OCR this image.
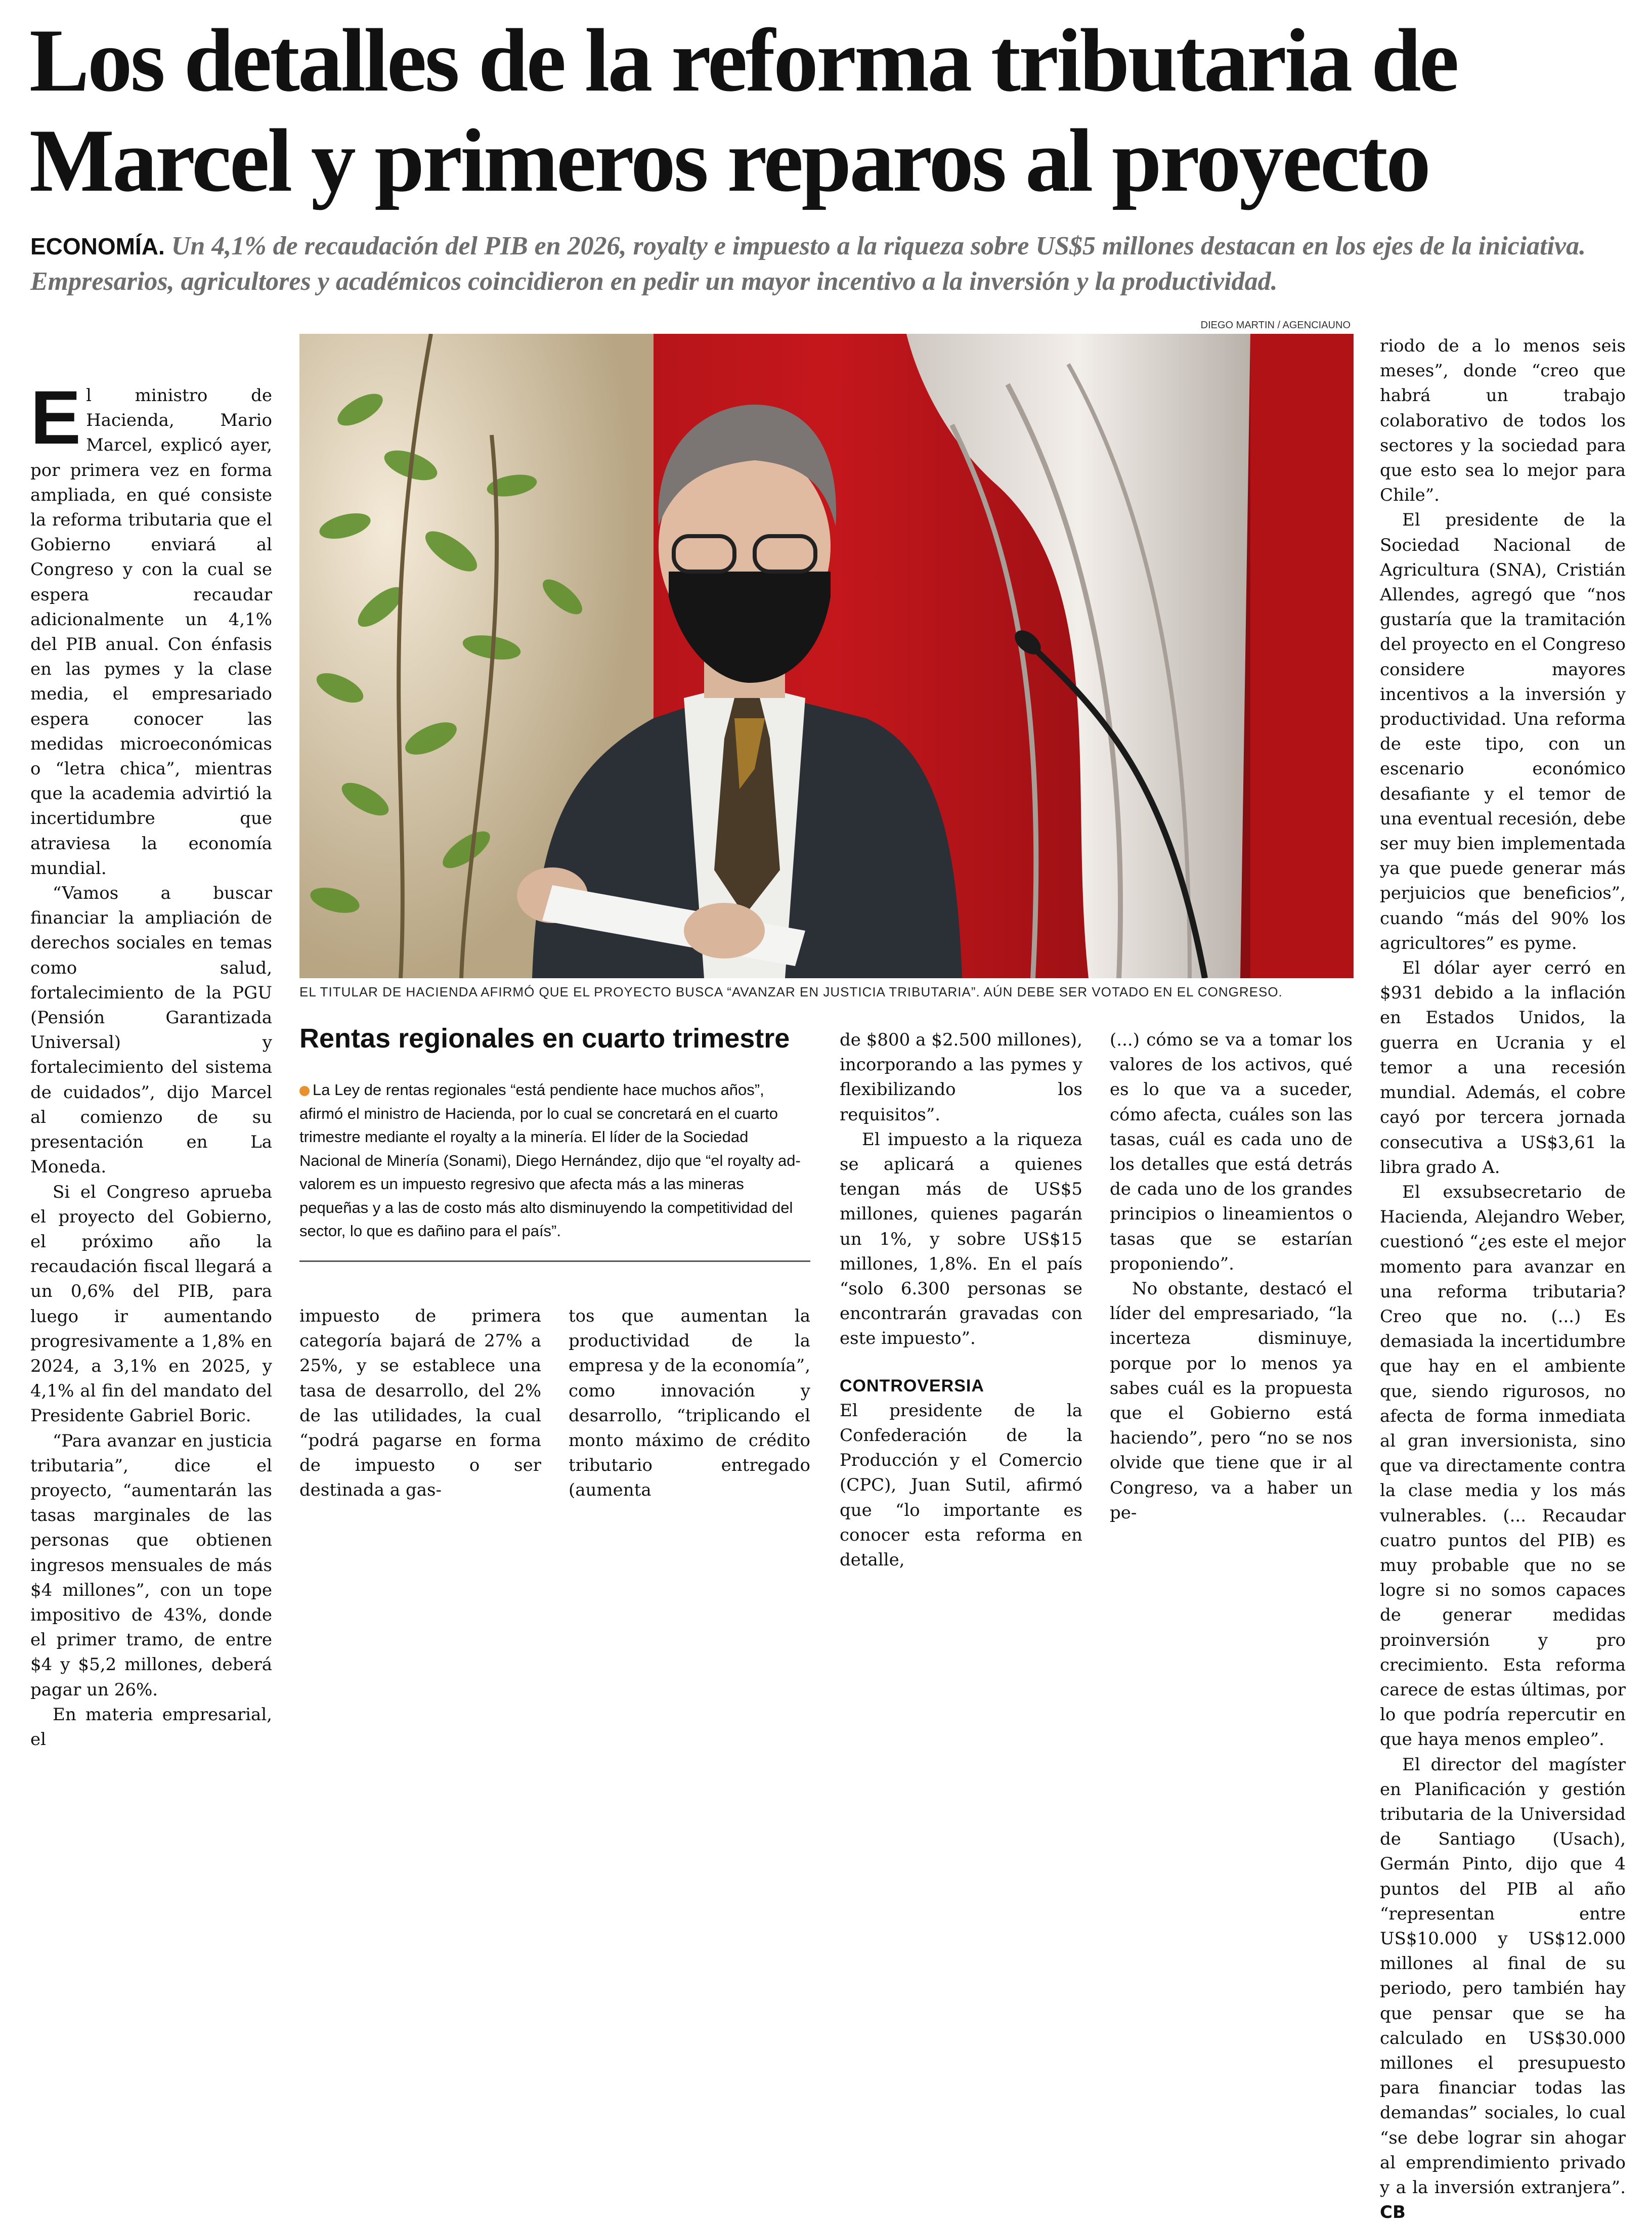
Los detalles de la reforma tributaria de Marcel y primeros reparos al proyecto
ECONOMÍA. Un 4,1% de recaudación del PIB en 2026, royalty e impuesto a la riqueza sobre US$5 millones destacan en los ejes de la iniciativa. Empresarios, agricultores y académicos coincidieron en pedir un mayor incentivo a la inversión y la productividad.
DIEGO MARTIN / AGENCIAUNO
EL TITULAR DE HACIENDA AFIRMÓ QUE EL PROYECTO BUSCA “AVANZAR EN JUSTICIA TRIBUTARIA”. AÚN DEBE SER VOTADO EN EL CONGRESO.

El ministro de Hacienda, Mario Marcel, explicó ayer, por primera vez en forma ampliada, en qué consiste la reforma tributaria que el Gobierno enviará al Congreso y con la cual se espera recaudar adicionalmente un 4,1% del PIB anual. Con énfasis en las pymes y la clase media, el empresariado espera conocer las medidas microeconómicas o “letra chica”, mientras que la academia advirtió la incertidumbre que atraviesa la economía mundial.

“Vamos a buscar financiar la ampliación de derechos sociales en temas como salud, fortalecimiento de la PGU (Pensión Garantizada Universal) y fortalecimiento del sistema de cuidados”, dijo Marcel al comienzo de su presentación en La Moneda.

Si el Congreso aprueba el proyecto del Gobierno, el próximo año la recaudación fiscal llegará a un 0,6% del PIB, para luego ir aumentando progresivamente a 1,8% en 2024, a 3,1% en 2025, y 4,1% al fin del mandato del Presidente Gabriel Boric.

“Para avanzar en justicia tributaria”, dice el proyecto, “aumentarán las tasas marginales de las personas que obtienen ingresos mensuales de más $4 millones”, con un tope impositivo de 43%, donde el primer tramo, de entre $4 y $5,2 millones, deberá pagar un 26%.

En materia empresarial, el

Rentas regionales en cuarto trimestre

La Ley de rentas regionales “está pendiente hace muchos años”, afirmó el ministro de Hacienda, por lo cual se concretará en el cuarto trimestre mediante el royalty a la minería. El líder de la Sociedad Nacional de Minería (Sonami), Diego Hernández, dijo que “el royalty ad-valorem es un impuesto regresivo que afecta más a las mineras pequeñas y a las de costo más alto disminuyendo la competitividad del sector, lo que es dañino para el país”.

impuesto de primera categoría bajará de 27% a 25%, y se establece una tasa de desarrollo, del 2% de las utilidades, la cual “podrá pagarse en forma de impuesto o ser destinada a gas-

tos que aumentan la productividad de la empresa y de la economía”, como innovación y desarrollo, “triplicando el monto máximo de crédito tributario entregado (aumenta

de $800 a $2.500 millones), incorporando a las pymes y flexibilizando los requisitos”.

El impuesto a la riqueza se aplicará a quienes tengan más de US$5 millones, quienes pagarán un 1%, y sobre US$15 millones, 1,8%. En el país “solo 6.300 personas se encontrarán gravadas con este impuesto”.

CONTROVERSIA

El presidente de la Confederación de la Producción y el Comercio (CPC), Juan Sutil, afirmó que “lo importante es conocer esta reforma en detalle,

(...) cómo se va a tomar los valores de los activos, qué es lo que va a suceder, cómo afecta, cuáles son las tasas, cuál es cada uno de los detalles que está detrás de cada uno de los grandes principios o lineamientos o tasas que se estarían proponiendo”.

No obstante, destacó el líder del empresariado, “la incerteza disminuye, porque por lo menos ya sabes cuál es la propuesta que el Gobierno está haciendo”, pero “no se nos olvide que tiene que ir al Congreso, va a haber un pe-

riodo de a lo menos seis meses”, donde “creo que habrá un trabajo colaborativo de todos los sectores y la sociedad para que esto sea lo mejor para Chile”.

El presidente de la Sociedad Nacional de Agricultura (SNA), Cristián Allendes, agregó que “nos gustaría que la tramitación del proyecto en el Congreso considere mayores incentivos a la inversión y productividad. Una reforma de este tipo, con un escenario económico desafiante y el temor de una eventual recesión, debe ser muy bien implementada ya que puede generar más perjuicios que beneficios”, cuando “más del 90% los agricultores” es pyme.

El dólar ayer cerró en $931 debido a la inflación en Estados Unidos, la guerra en Ucrania y el temor a una recesión mundial. Además, el cobre cayó por tercera jornada consecutiva a US$3,61 la libra grado A.

El exsubsecretario de Hacienda, Alejandro Weber, cuestionó “¿es este el mejor momento para avanzar en una reforma tributaria? Creo que no. (...) Es demasiada la incertidumbre que hay en el ambiente que, siendo rigurosos, no afecta de forma inmediata al gran inversionista, sino que va directamente contra la clase media y los más vulnerables. (... Recaudar cuatro puntos del PIB) es muy probable que no se logre si no somos capaces de generar medidas proinversión y pro crecimiento. Esta reforma carece de estas últimas, por lo que podría repercutir en que haya menos empleo”.

El director del magíster en Planificación y gestión tributaria de la Universidad de Santiago (Usach), Germán Pinto, dijo que 4 puntos del PIB al año “representan entre US$10.000 y US$12.000 millones al final de su periodo, pero también hay que pensar que se ha calculado en US$30.000 millones el presupuesto para financiar todas las demandas” sociales, lo cual “se debe lograr sin ahogar al emprendimiento privado y a la inversión extranjera”. CB
